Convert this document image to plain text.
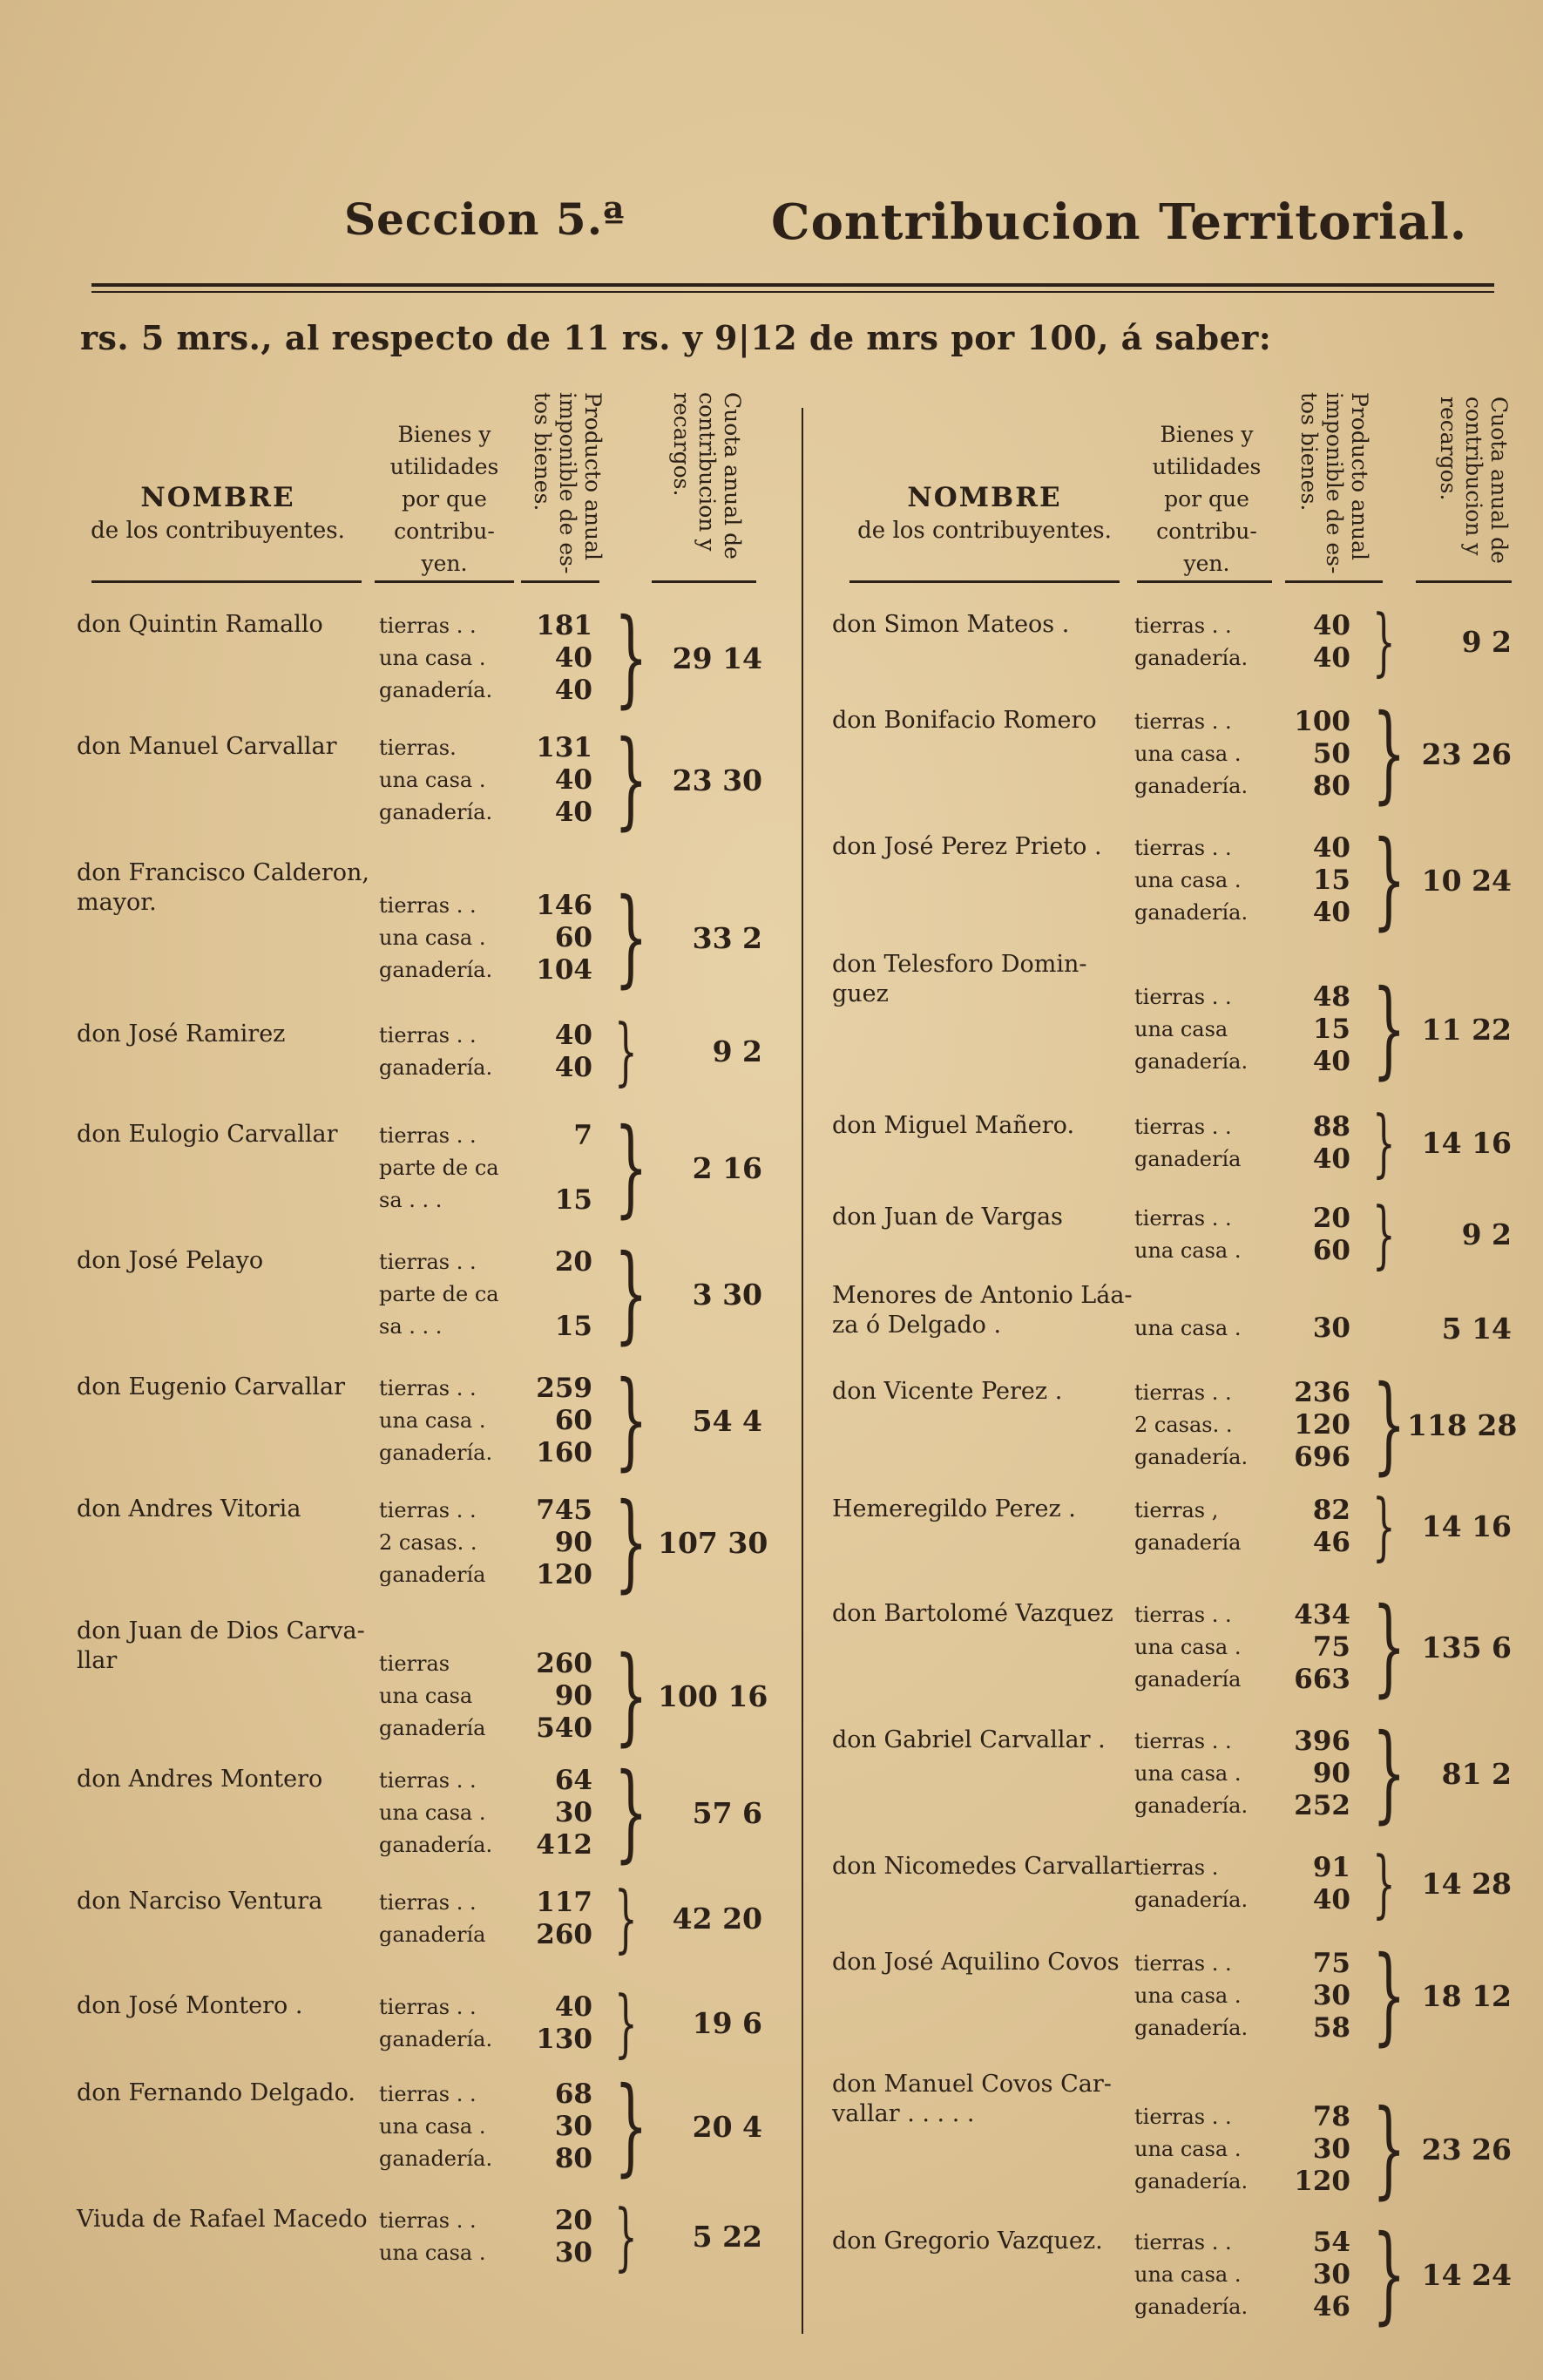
Seccion 5.ª	Contribucion Territorial.
rs. 5 mrs., al respecto de 11 rs. y 9|12 de mrs por 100, á saber:
NOMBRE
de los contribuyentes.
Bienes y
utilidades
por que
contribu-
yen.
Producto anual imponible de es- tos bienes.	Cuota anual de contribucion y recargos.
NOMBRE
de los contribuyentes.
Bienes y
utilidades
por que
contribu-
yen.
Producto anual imponible de es- tos bienes.	Cuota anual de contribucion y recargos.
don Quintin Ramallo	tierras . .	181
una casa .	40
ganadería.	40 } 29 14
don Manuel Carvallar tierras.	131
una casa .	40
ganadería.	40 } 23 30
don Francisco Calderon,
mayor.	tierras . .	146
una casa .	60
ganadería.	104 }	33 2
don José Ramirez	tierras . .	40
ganadería.	40 }	9 2
don Eulogio Carvallar tierras . .	7
parte de ca
sa . . .	15 }	2 16
don José Pelayo	tierras . .	20
parte de ca
sa . . .	15 }	3 30
don Eugenio Carvallar tierras . .	259
una casa .	60
ganadería.	160 }	54 4
don Andres Vitoria	tierras . .	745
2 casas. .	90
ganadería	120 } 107 30
don Juan de Dios Carva-
llar	tierras	260
una casa	90
ganadería	540 } 100 16
don Andres Montero	tierras . .	64
una casa .	30
ganadería.	412 }	57 6
don Narciso Ventura	tierras . .	117
ganadería	260 }	42 20
don José Montero .	tierras . .	40
ganadería.	130 }	19 6
don Fernando Delgado. tierras . .	68
una casa .	30
ganadería.	80 }	20 4
Viuda de Rafael Macedo tierras . .	20
una casa .	30 }	5 22
don Simon Mateos .	tierras . .	40
ganadería.	40 }	9 2
don Bonifacio Romero tierras . .	100
una casa .	50
ganadería.	80 } 23 26
don José Perez Prieto . tierras . .	40
una casa .	15
ganadería.	40 } 10 24
don Telesforo Domin-
guez	tierras . .	48
una casa	15
ganadería.	40 } 11 22
don Miguel Mañero.	tierras . .	88
ganadería	40 } 14 16
don Juan de Vargas	tierras . .	20
una casa .	60 }	9 2
Menores de Antonio Láa-
za ó Delgado .	una casa .	30	5 14
don Vicente Perez .	tierras . .	236
2 casas. .	120
ganadería.	696 } 118 28
Hemeregildo Perez .	tierras ,	82
ganadería	46 } 14 16
don Bartolomé Vazquez tierras . .	434
una casa .	75
ganadería	663 } 135 6
don Gabriel Carvallar . tierras . .	396
una casa .	90
ganadería.	252 }	81 2
don Nicomedes Carvallar tierras .	91
ganadería.	40 } 14 28
don José Aquilino Covos tierras . .	75
una casa .	30
ganadería.	58 } 18 12
don Manuel Covos Car-
vallar . . . . .	tierras . .	78
una casa .	30
ganadería.	120 } 23 26
don Gregorio Vazquez. tierras . .	54
una casa .	30
ganadería.	46 } 14 24
